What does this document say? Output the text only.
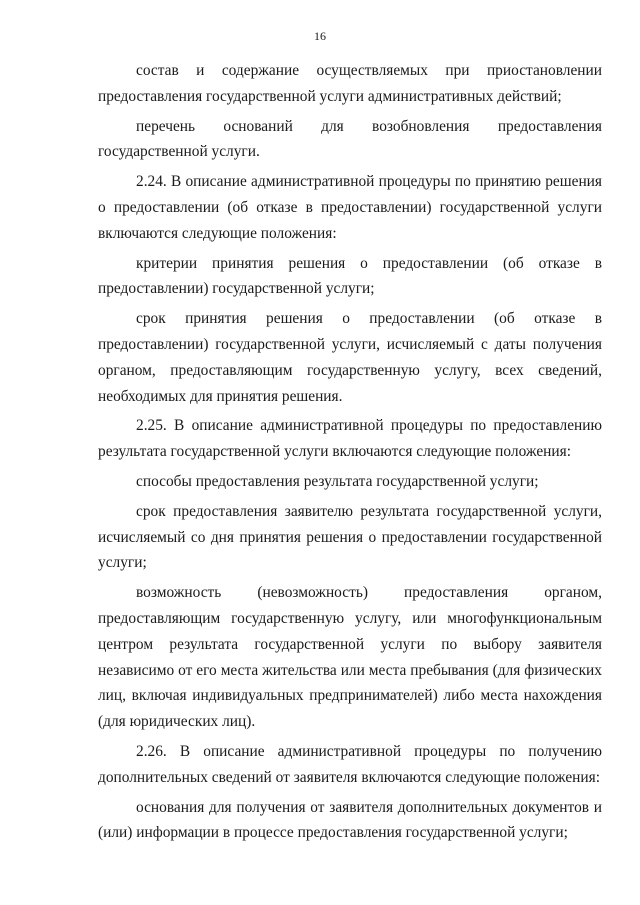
16

состав и содержание осуществляемых при приостановлении предоставления государственной услуги административных действий;

перечень оснований для возобновления предоставления государственной услуги.

2.24. В описание административной процедуры по принятию решения о предоставлении (об отказе в предоставлении) государственной услуги включаются следующие положения:

критерии принятия решения о предоставлении (об отказе в предоставлении) государственной услуги;

срок принятия решения о предоставлении (об отказе в предоставлении) государственной услуги, исчисляемый с даты получения органом, предоставляющим государственную услугу, всех сведений, необходимых для принятия решения.

2.25. В описание административной процедуры по предоставлению результата государственной услуги включаются следующие положения:

способы предоставления результата государственной услуги;

срок предоставления заявителю результата государственной услуги, исчисляемый со дня принятия решения о предоставлении государственной услуги;

возможность (невозможность) предоставления органом, предоставляющим государственную услугу, или многофункциональным центром результата государственной услуги по выбору заявителя независимо от его места жительства или места пребывания (для физических лиц, включая индивидуальных предпринимателей) либо места нахождения (для юридических лиц).

2.26. В описание административной процедуры по получению дополнительных сведений от заявителя включаются следующие положения:

основания для получения от заявителя дополнительных документов и (или) информации в процессе предоставления государственной услуги;
